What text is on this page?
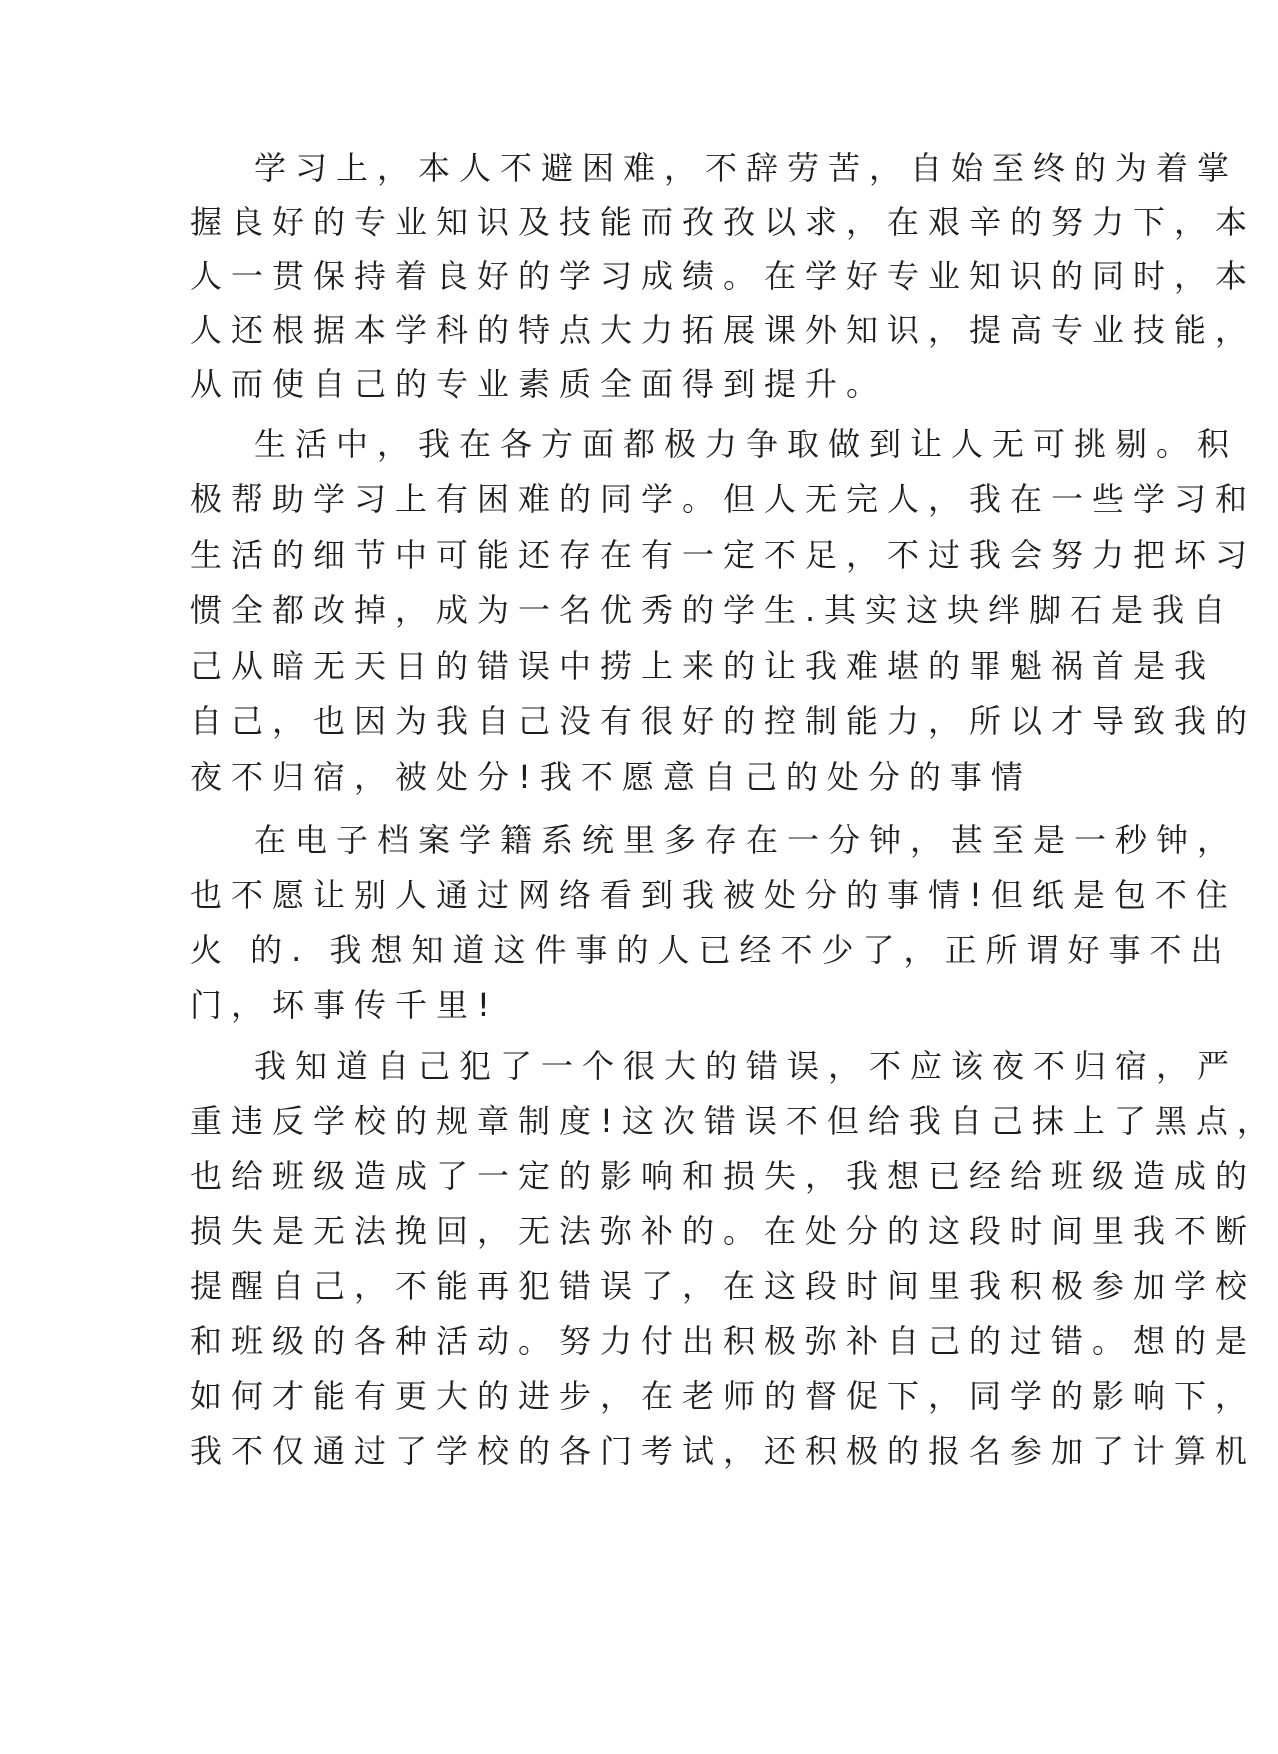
学习上，本人不避困难，不辞劳苦，自始至终的为着掌

握良好的专业知识及技能而孜孜以求，在艰辛的努力下，本

人一贯保持着良好的学习成绩。在学好专业知识的同时，本

人还根据本学科的特点大力拓展课外知识，提高专业技能，

从而使自己的专业素质全面得到提升。

生活中，我在各方面都极力争取做到让人无可挑剔。积

极帮助学习上有困难的同学。但人无完人，我在一些学习和

生活的细节中可能还存在有一定不足，不过我会努力把坏习

惯全都改掉，成为一名优秀的学生.其实这块绊脚石是我自

己从暗无天日的错误中捞上来的让我难堪的罪魁祸首是我

自己，也因为我自己没有很好的控制能力，所以才导致我的

夜不归宿，被处分!我不愿意自己的处分的事情

在电子档案学籍系统里多存在一分钟，甚至是一秒钟，

也不愿让别人通过网络看到我被处分的事情!但纸是包不住

火 的. 我想知道这件事的人已经不少了，正所谓好事不出

门，坏事传千里!

我知道自己犯了一个很大的错误，不应该夜不归宿，严

重违反学校的规章制度!这次错误不但给我自己抹上了黑点，

也给班级造成了一定的影响和损失，我想已经给班级造成的

损失是无法挽回，无法弥补的。在处分的这段时间里我不断

提醒自己，不能再犯错误了，在这段时间里我积极参加学校

和班级的各种活动。努力付出积极弥补自己的过错。想的是

如何才能有更大的进步，在老师的督促下，同学的影响下，

我不仅通过了学校的各门考试，还积极的报名参加了计算机
